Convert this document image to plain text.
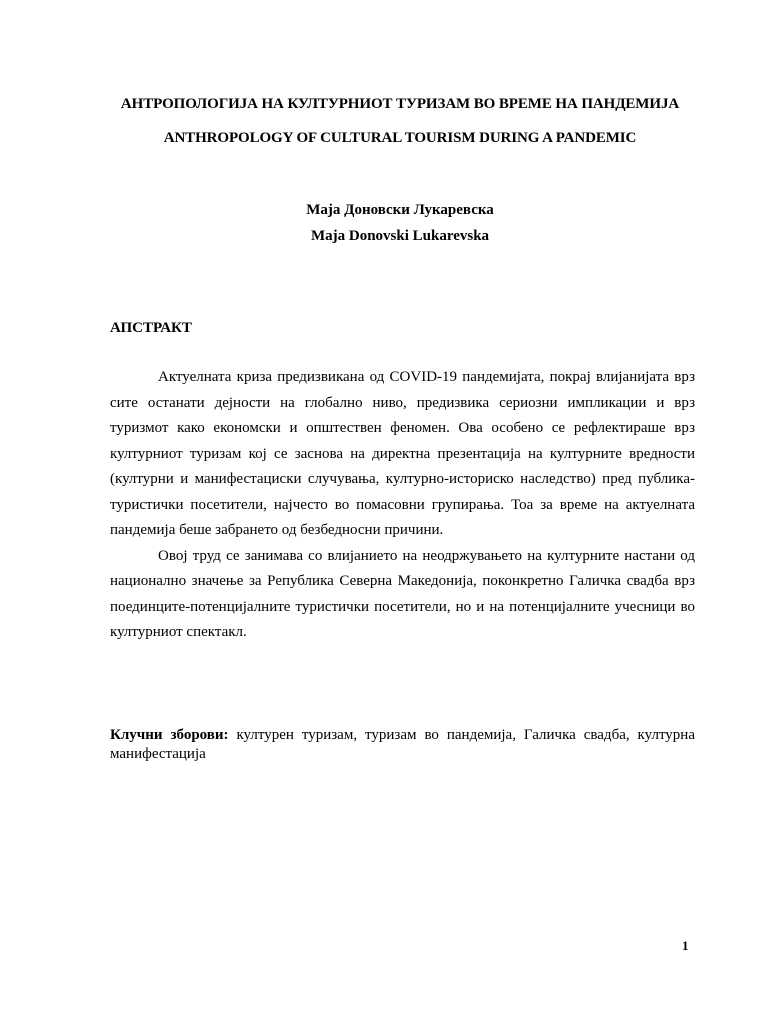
АНТРОПОЛОГИЈА НА КУЛТУРНИОТ ТУРИЗАМ ВО ВРЕМЕ НА ПАНДЕМИЈА
ANTHROPOLOGY OF CULTURAL TOURISM DURING A PANDEMIC
Маја Доновски Лукаревска
Maja Donovski Lukarevska
АПСТРАКТ

Актуелната криза предизвикана од COVID-19 пандемијата, покрај влијанијата врз сите останати дејности на глобално ниво, предизвика сериозни импликации и врз туризмот како економски и општествен феномен. Ова особено се рефлектираше врз културниот туризам кој се заснова на директна презентација на културните вредности (културни и манифестациски случувања, културно-историско наследство) пред публика-туристички посетители, најчесто во помасовни групирања. Тоа за време на актуелната пандемија беше забрането од безбедносни причини.

Овој труд се занимава со влијанието на неодржувањето на културните настани од национално значење за Република Северна Македонија, поконкретно Галичка свадба врз поединците-потенцијалните туристички посетители, но и на потенцијалните учесници во културниот спектакл.

Клучни зборови: културен туризам, туризам во пандемија, Галичка свадба, културна манифестација
1
